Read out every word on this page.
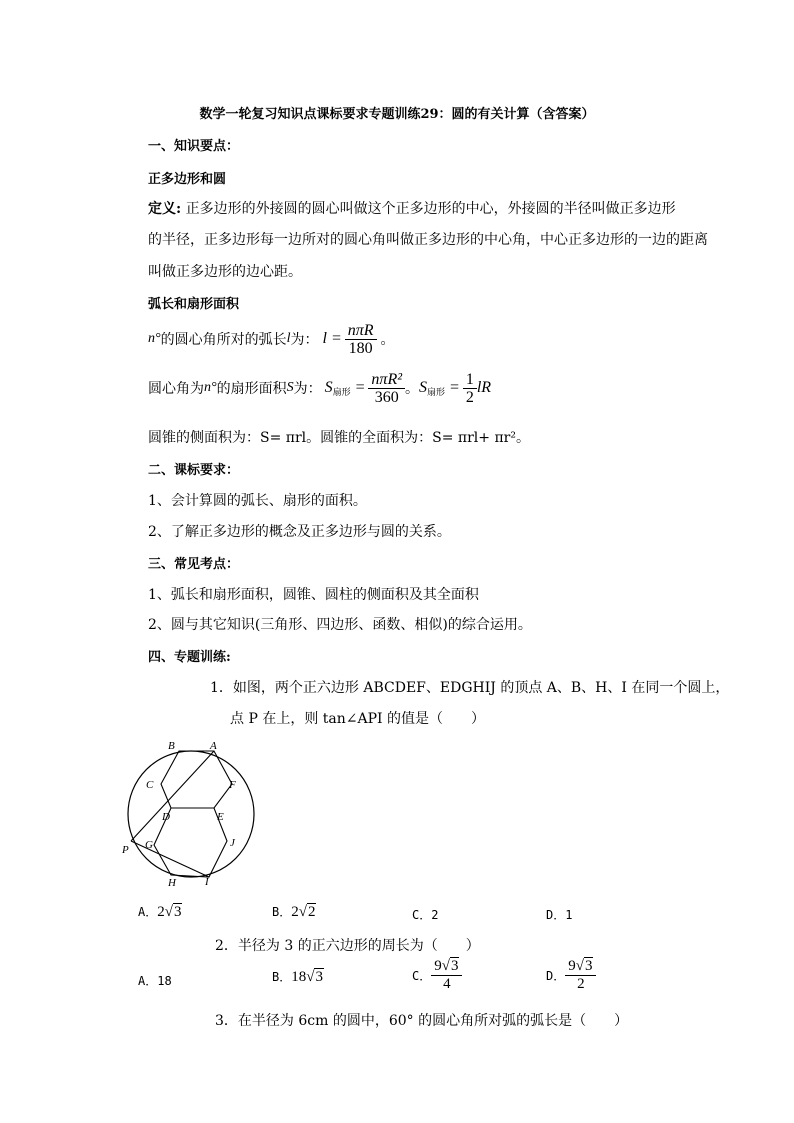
数学一轮复习知识点课标要求专题训练29：圆的有关计算（含答案）
一、知识要点：
正多边形和圆
定义: 正多边形的外接圆的圆心叫做这个正多边形的中心，外接圆的半径叫做正多边形
的半径，正多边形每一边所对的圆心角叫做正多边形的中心角，中心正多边形的一边的距离
叫做正多边形的边心距。
弧长和扇形面积
n° 的圆心角所对的弧长 l 为： $l = \frac{\text{nπR}}{180}$ 。
圆心角为 n° 的扇形面积 S 为： $S_{扇形} = \frac{\text{nπR²}}{360}$ 。 $S_{扇形} = \frac{1}{2}$ lR
圆锥的侧面积为：S= πrl。圆锥的全面积为：S= πrl+ πr²。
二、课标要求：
1、会计算圆的弧长、扇形的面积。
2、了解正多边形的概念及正多边形与圆的关系。
三、常见考点：
1、弧长和扇形面积，圆锥、圆柱的侧面积及其全面积
2、圆与其它知识(三角形、四边形、函数、相似)的综合运用。
四、专题训练:
1．如图，两个正六边形 ABCDEF、EDGHIJ 的顶点 A、B、H、I 在同一个圆上，
点 P 在上，则 tan∠API 的值是（　　）
B	A
C	F
D	E
G	J
P
H	I
A．2√3	B．2√2	C．2	D．1
2．半径为 3 的正六边形的周长为（　　）
A．18	B．18√3	C． $\frac{9√3}{4}$	D． $\frac{9√3}{2}$
3．在半径为 6cm 的圆中，60° 的圆心角所对弧的弧长是（　　）
